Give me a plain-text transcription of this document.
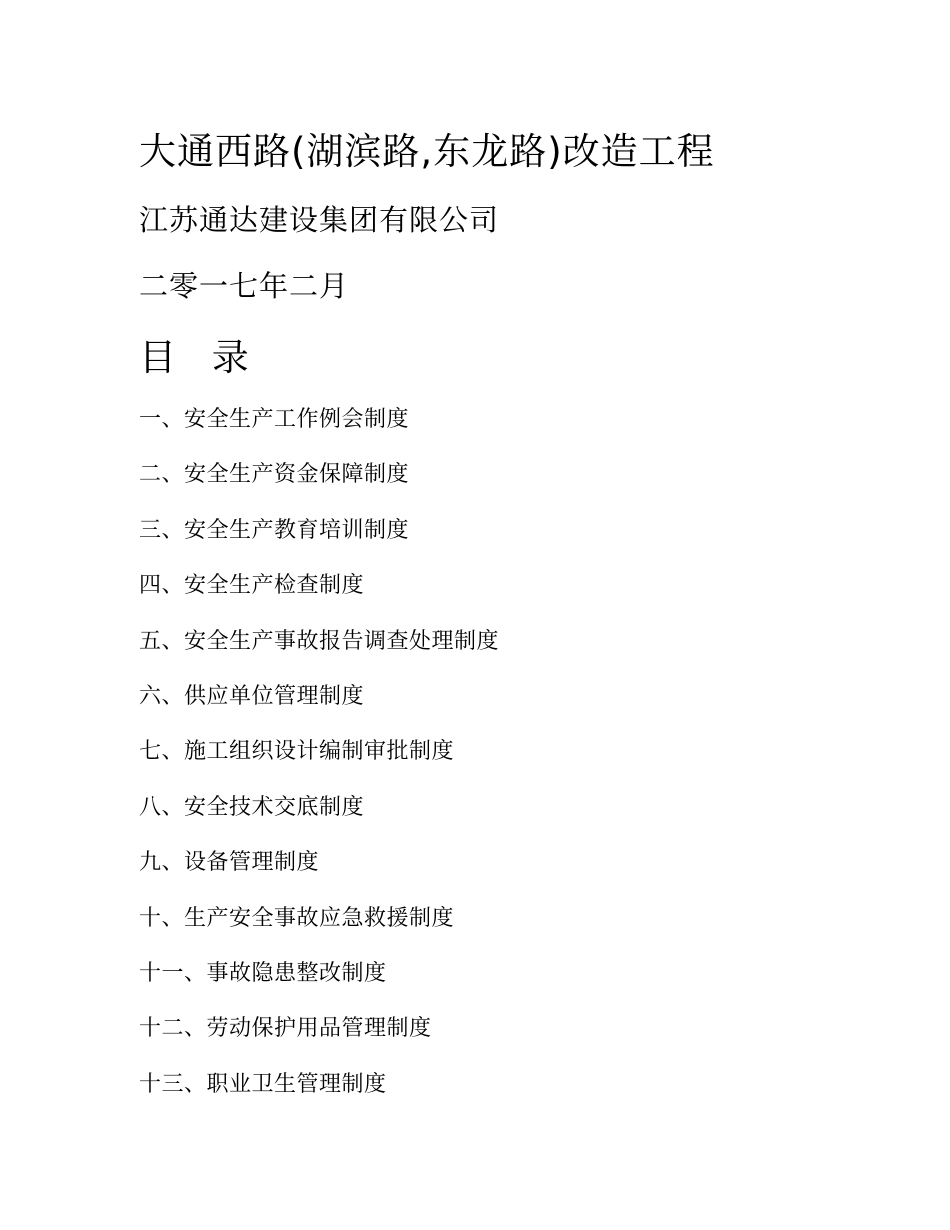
大通西路(湖滨路,东龙路)改造工程
江苏通达建设集团有限公司
二零一七年二月
目 录
一、安全生产工作例会制度
二、安全生产资金保障制度
三、安全生产教育培训制度
四、安全生产检查制度
五、安全生产事故报告调查处理制度
六、供应单位管理制度
七、施工组织设计编制审批制度
八、安全技术交底制度
九、设备管理制度
十、生产安全事故应急救援制度
十一、事故隐患整改制度
十二、劳动保护用品管理制度
十三、职业卫生管理制度
